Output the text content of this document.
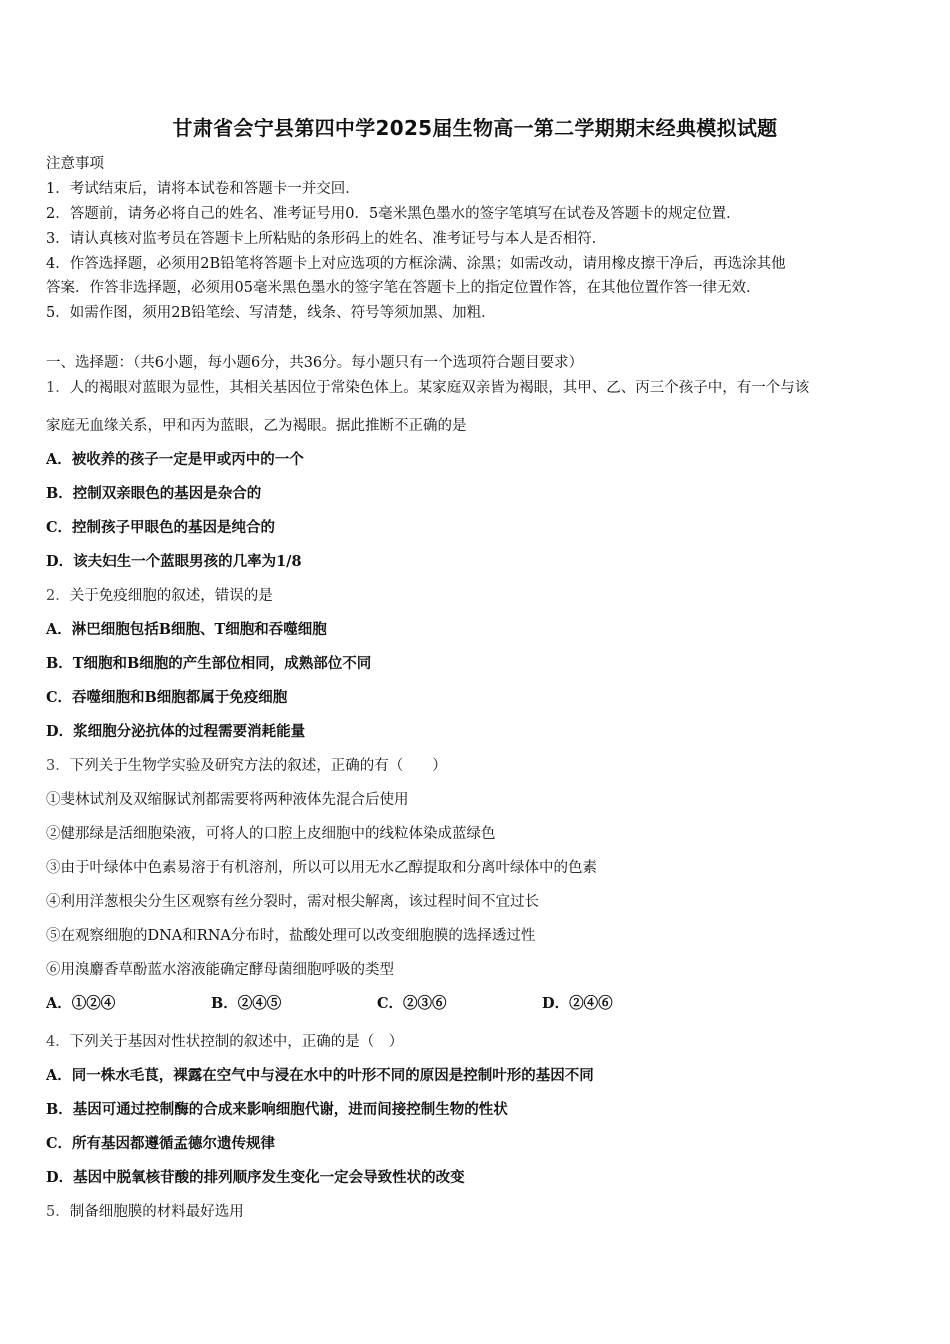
甘肃省会宁县第四中学2025届生物高一第二学期期末经典模拟试题
注意事项
1．考试结束后，请将本试卷和答题卡一并交回．
2．答题前，请务必将自己的姓名、准考证号用0．5毫米黑色墨水的签字笔填写在试卷及答题卡的规定位置．
3．请认真核对监考员在答题卡上所粘贴的条形码上的姓名、准考证号与本人是否相符．
4．作答选择题，必须用2B铅笔将答题卡上对应选项的方框涂满、涂黑；如需改动，请用橡皮擦干净后，再选涂其他
答案．作答非选择题，必须用05毫米黑色墨水的签字笔在答题卡上的指定位置作答，在其他位置作答一律无效．
5．如需作图，须用2B铅笔绘、写清楚，线条、符号等须加黑、加粗．
一、选择题：（共6小题，每小题6分，共36分。每小题只有一个选项符合题目要求）
1．人的褐眼对蓝眼为显性，其相关基因位于常染色体上。某家庭双亲皆为褐眼，其甲、乙、丙三个孩子中，有一个与该
家庭无血缘关系，甲和丙为蓝眼，乙为褐眼。据此推断不正确的是
A．被收养的孩子一定是甲或丙中的一个
B．控制双亲眼色的基因是杂合的
C．控制孩子甲眼色的基因是纯合的
D．该夫妇生一个蓝眼男孩的几率为1/8
2．关于免疫细胞的叙述，错误的是
A．淋巴细胞包括B细胞、T细胞和吞噬细胞
B．T细胞和B细胞的产生部位相同，成熟部位不同
C．吞噬细胞和B细胞都属于免疫细胞
D．浆细胞分泌抗体的过程需要消耗能量
3．下列关于生物学实验及研究方法的叙述，正确的有（　　）
①斐林试剂及双缩脲试剂都需要将两种液体先混合后使用
②健那绿是活细胞染液，可将人的口腔上皮细胞中的线粒体染成蓝绿色
③由于叶绿体中色素易溶于有机溶剂，所以可以用无水乙醇提取和分离叶绿体中的色素
④利用洋葱根尖分生区观察有丝分裂时，需对根尖解离，该过程时间不宜过长
⑤在观察细胞的DNA和RNA分布时，盐酸处理可以改变细胞膜的选择透过性
⑥用溴麝香草酚蓝水溶液能确定酵母菌细胞呼吸的类型
A．①②④	B．②④⑤	C．②③⑥	D．②④⑥
4．下列关于基因对性状控制的叙述中，正确的是（　）
A．同一株水毛茛，裸露在空气中与浸在水中的叶形不同的原因是控制叶形的基因不同
B．基因可通过控制酶的合成来影响细胞代谢，进而间接控制生物的性状
C．所有基因都遵循孟德尔遗传规律
D．基因中脱氧核苷酸的排列顺序发生变化一定会导致性状的改变
5．制备细胞膜的材料最好选用
